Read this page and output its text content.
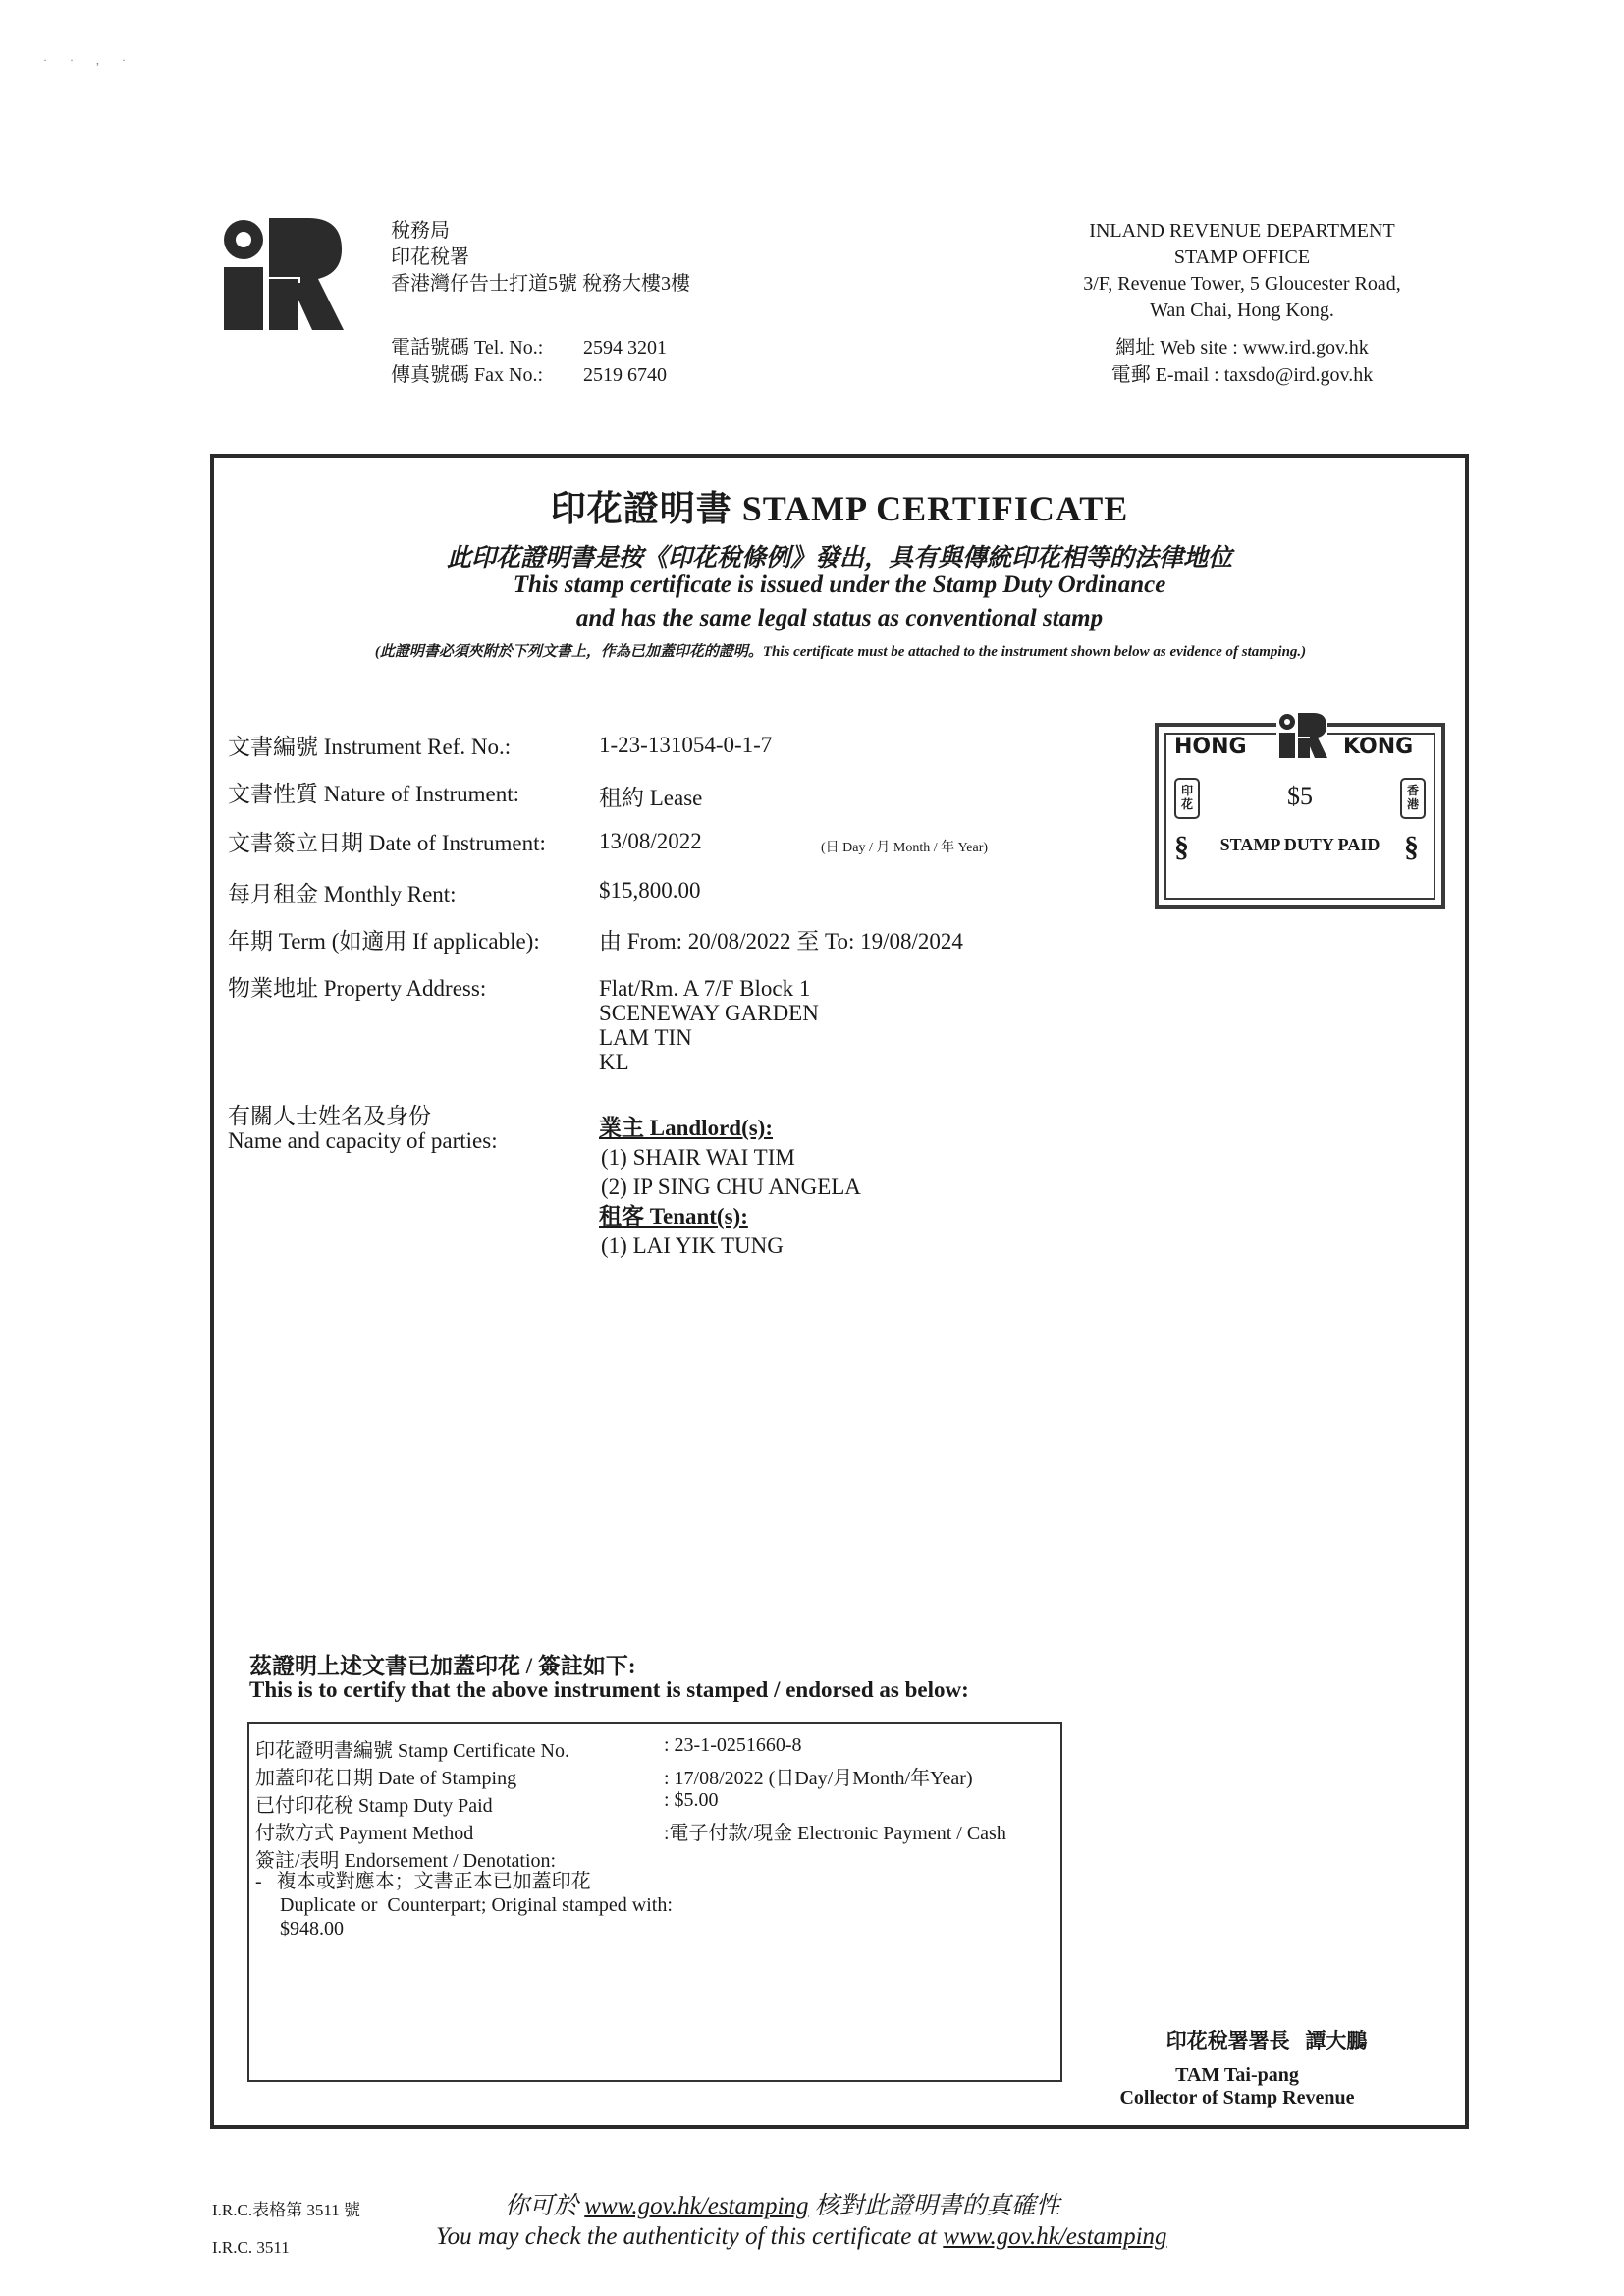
· · , ·
稅務局
印花稅署
香港灣仔告士打道5號 稅務大樓3樓
電話號碼 Tel. No.: 2594 3201
傳真號碼 Fax No.: 2519 6740
INLAND REVENUE DEPARTMENT
STAMP OFFICE
3/F, Revenue Tower, 5 Gloucester Road,
Wan Chai, Hong Kong.
網址 Web site : www.ird.gov.hk
電郵 E-mail : taxsdo@ird.gov.hk
印花證明書 STAMP CERTIFICATE
此印花證明書是按《印花稅條例》發出，具有與傳統印花相等的法律地位
This stamp certificate is issued under the Stamp Duty Ordinance
and has the same legal status as conventional stamp
(此證明書必須夾附於下列文書上，作為已加蓋印花的證明。This certificate must be attached to the instrument shown below as evidence of stamping.)
文書編號 Instrument Ref. No.:	1-23-131054-0-1-7
文書性質 Nature of Instrument:	租約 Lease
文書簽立日期 Date of Instrument: 13/08/2022	(日 Day / 月 Month / 年 Year)
每月租金 Monthly Rent:	$15,800.00
年期 Term (如適用 If applicable):	由 From: 20/08/2022 至 To: 19/08/2024
物業地址 Property Address:	Flat/Rm. A 7/F Block 1
SCENEWAY GARDEN
LAM TIN
KL
有關人士姓名及身份
Name and capacity of parties:
業主 Landlord(s):
(1) SHAIR WAI TIM
(2) IP SING CHU ANGELA
租客 Tenant(s):
(1) LAI YIK TUNG
HONG	KONG
印花
香港
§	§
$5
STAMP DUTY PAID
茲證明上述文書已加蓋印花 / 簽註如下:
This is to certify that the above instrument is stamped / endorsed as below:
印花證明書編號 Stamp Certificate No.	: 23-1-0251660-8
加蓋印花日期 Date of Stamping	: 17/08/2022 (日Day/月Month/年Year)
已付印花稅 Stamp Duty Paid	: $5.00
付款方式 Payment Method	:電子付款/現金 Electronic Payment / Cash
簽註/表明 Endorsement / Denotation:
-   複本或對應本；文書正本已加蓋印花
Duplicate or  Counterpart; Original stamped with:
$948.00
印花稅署署長   譚大鵬
TAM Tai-pang
Collector of Stamp Revenue
I.R.C.表格第 3511 號
I.R.C. 3511
你可於 www.gov.hk/estamping 核對此證明書的真確性
You may check the authenticity of this certificate at www.gov.hk/estamping
